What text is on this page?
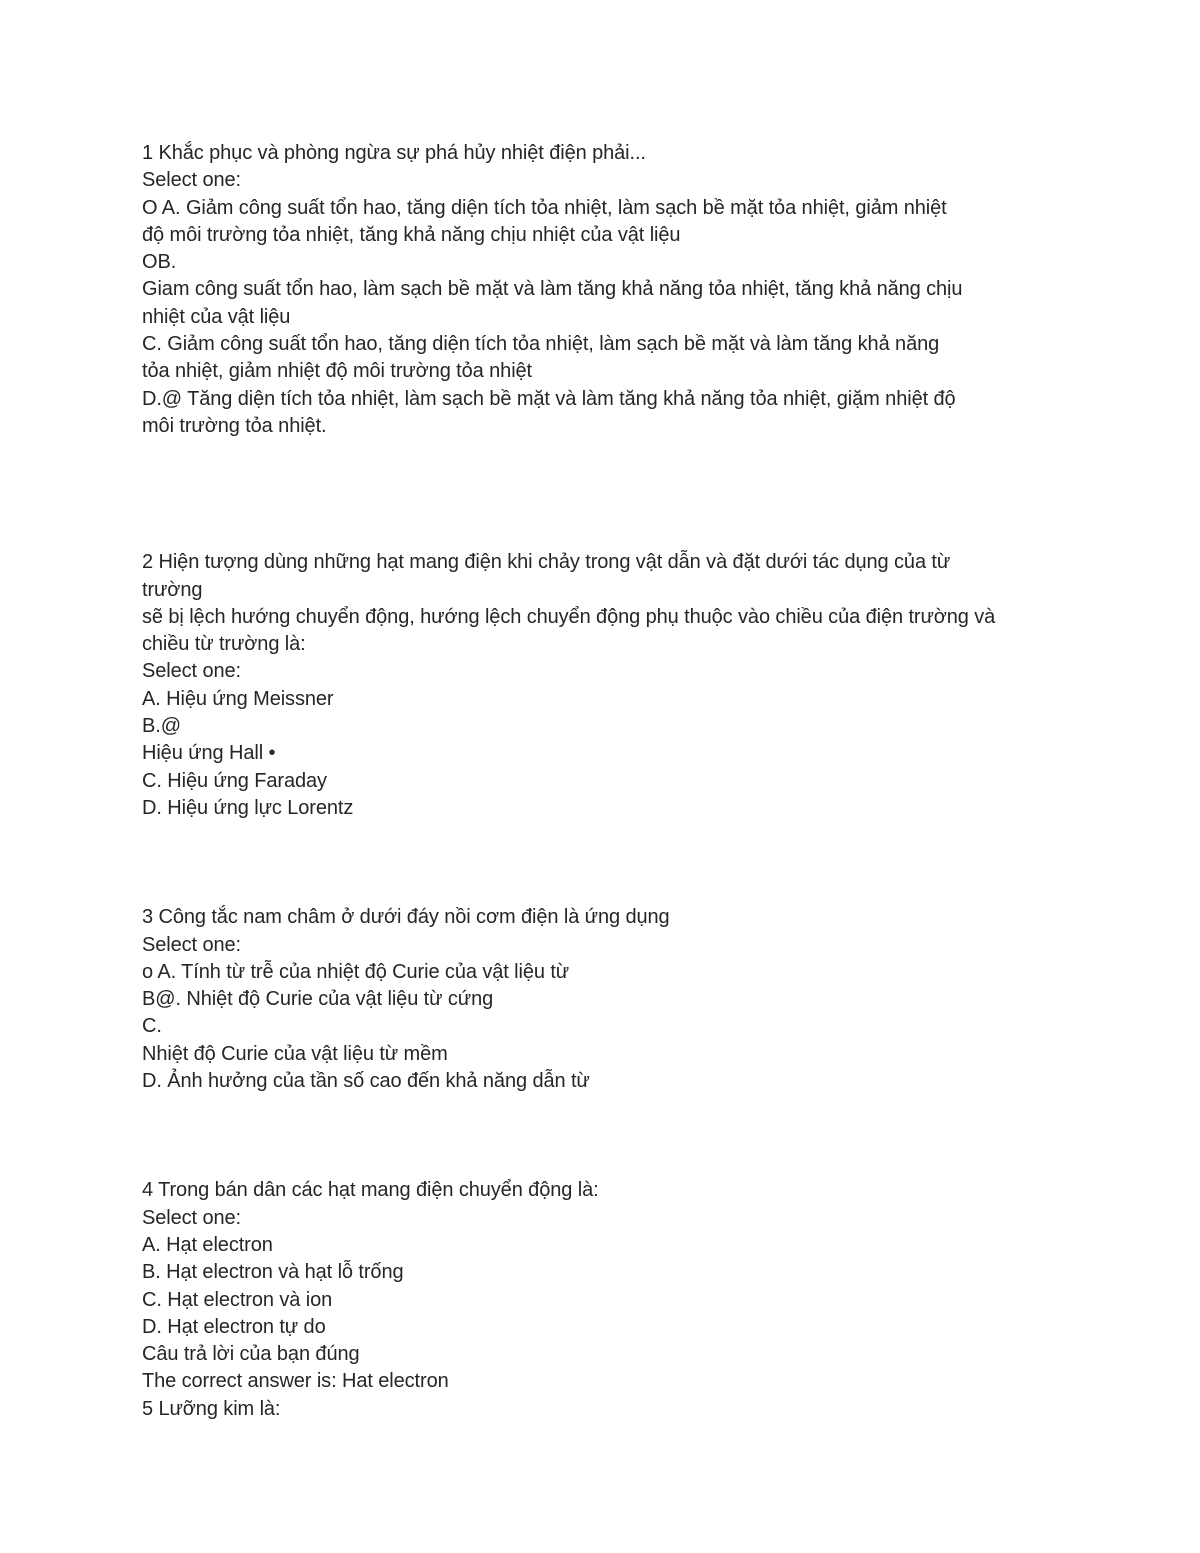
1 Khắc phục và phòng ngừa sự phá hủy nhiệt điện phải...
Select one:
O A. Giảm công suất tổn hao, tăng diện tích tỏa nhiệt, làm sạch bề mặt tỏa nhiệt, giảm nhiệt
độ môi trường tỏa nhiệt, tăng khả năng chịu nhiệt của vật liệu
OB.
Giam công suất tổn hao, làm sạch bề mặt và làm tăng khả năng tỏa nhiệt, tăng khả năng chịu
nhiệt của vật liệu
C. Giảm công suất tổn hao, tăng diện tích tỏa nhiệt, làm sạch bề mặt và làm tăng khả năng
tỏa nhiệt, giảm nhiệt độ môi trường tỏa nhiệt
D.@ Tăng diện tích tỏa nhiệt, làm sạch bề mặt và làm tăng khả năng tỏa nhiệt, giặm nhiệt độ
môi trường tỏa nhiệt.
2 Hiện tượng dùng những hạt mang điện khi chảy trong vật dẫn và đặt dưới tác dụng của từ
trường
sẽ bị lệch hướng chuyển động, hướng lệch chuyển động phụ thuộc vào chiều của điện trường và
chiều từ trường là:
Select one:
A. Hiệu ứng Meissner
B.@
Hiệu ứng Hall •
C. Hiệu ứng Faraday
D. Hiệu ứng lực Lorentz
3 Công tắc nam châm ở dưới đáy nồi cơm điện là ứng dụng
Select one:
o A. Tính từ trễ của nhiệt độ Curie của vật liệu từ
B@. Nhiệt độ Curie của vật liệu từ cứng
C.
Nhiệt độ Curie của vật liệu từ mềm
D. Ảnh hưởng của tần số cao đến khả năng dẫn từ
4 Trong bán dân các hạt mang điện chuyển động là:
Select one:
A. Hạt electron
B. Hạt electron và hạt lỗ trống
C. Hạt electron và ion
D. Hạt electron tự do
Câu trả lời của bạn đúng
The correct answer is: Hat electron
5 Lưỡng kim là:
